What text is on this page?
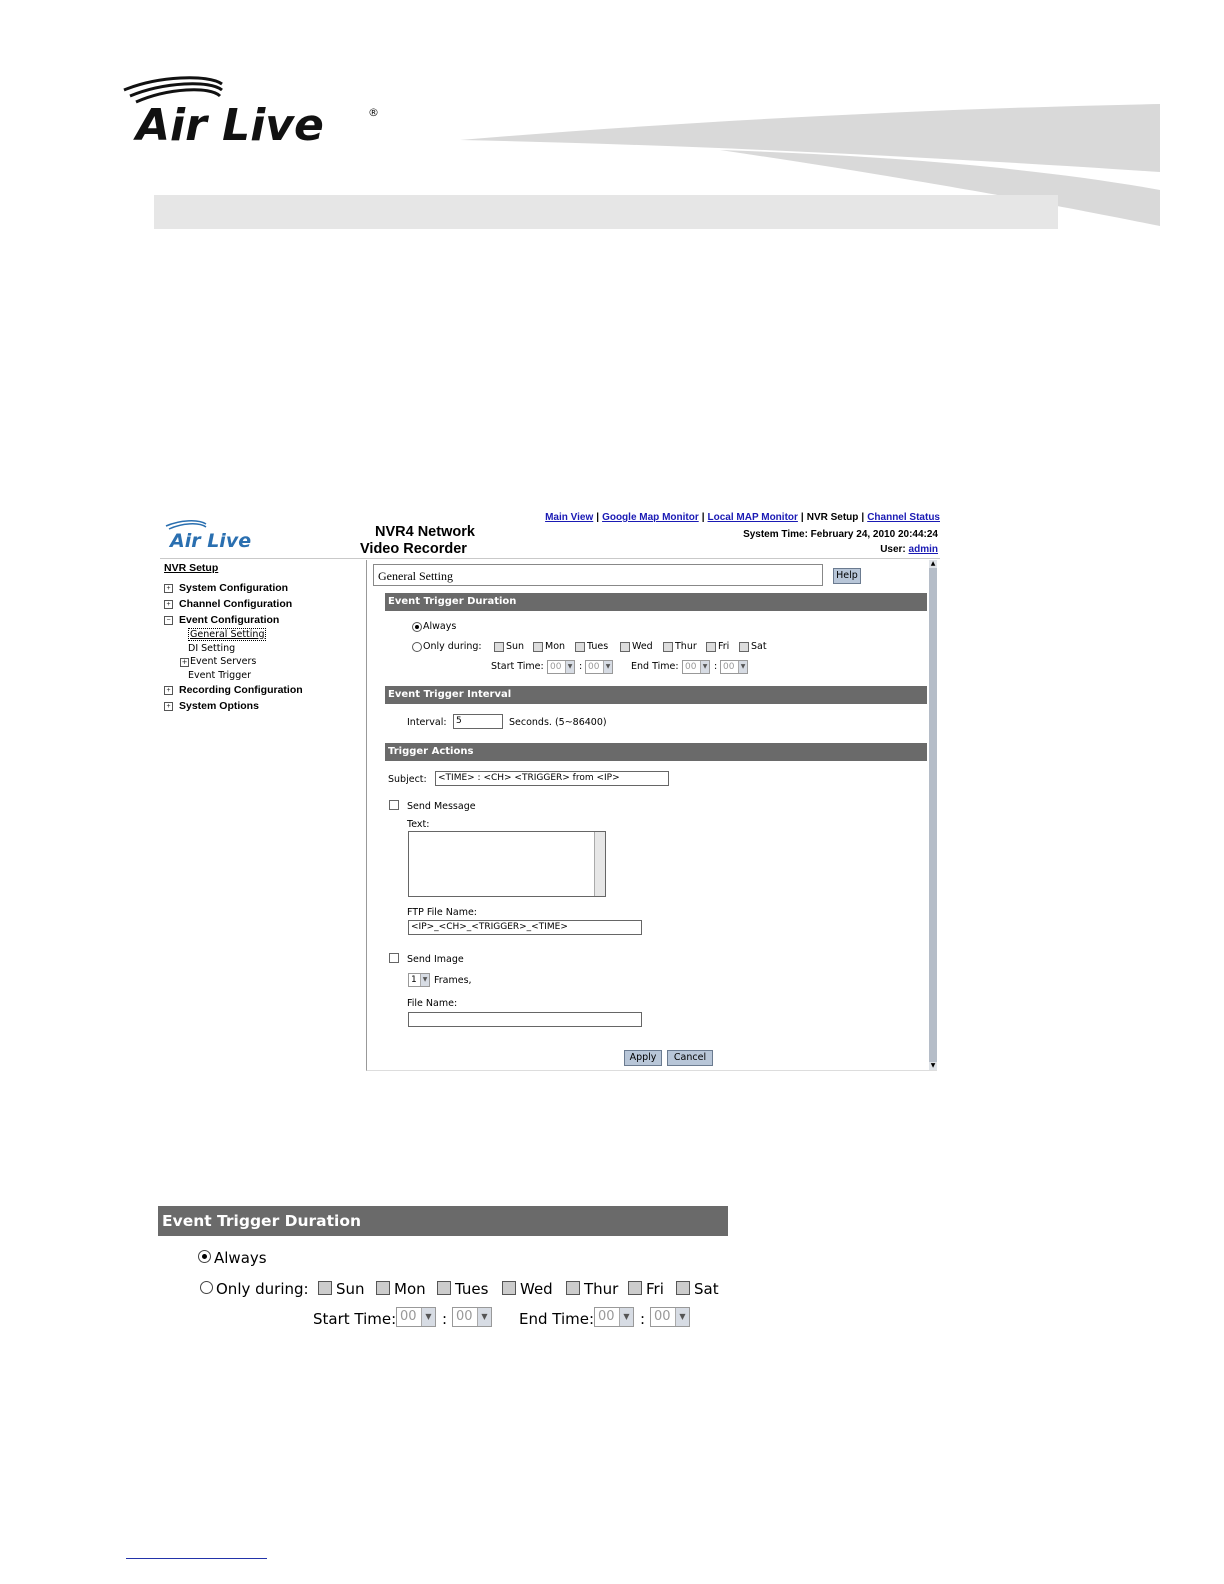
Air Live	®
Main View | Google Map Monitor | Local MAP Monitor | NVR Setup | Channel Status
System Time: February 24, 2010 20:44:24
User: admin
Air Live	NVR4 Network
Video Recorder
NVR Setup
+ System Configuration
+ Channel Configuration
− Event Configuration
General Setting
DI Setting
+ Event Servers
Event Trigger
+ Recording Configuration
+ System Options
General Setting	Help
Event Trigger Duration
Always
Only during:	Sun Mon Tues	Wed Thur Fri Sat
Start Time: 00	▼ : 00	▼ End Time: 00	▼ : 00	▼
Event Trigger Interval
Interval:	5	Seconds. (5~86400)
Trigger Actions
Subject:	<TIME> : <CH> <TRIGGER> from <IP>
Send Message
Text:
FTP File Name:
<IP>_<CH>_<TRIGGER>_<TIME>
Send Image
1 ▼ Frames,
File Name:
Apply	Cancel
▲
▼
Event Trigger Duration
Always
Only during: Sun Mon Tues Wed Thur Fri Sat
Start Time: 00	▼ : 00	▼ End Time: 00	▼ : 00	▼
